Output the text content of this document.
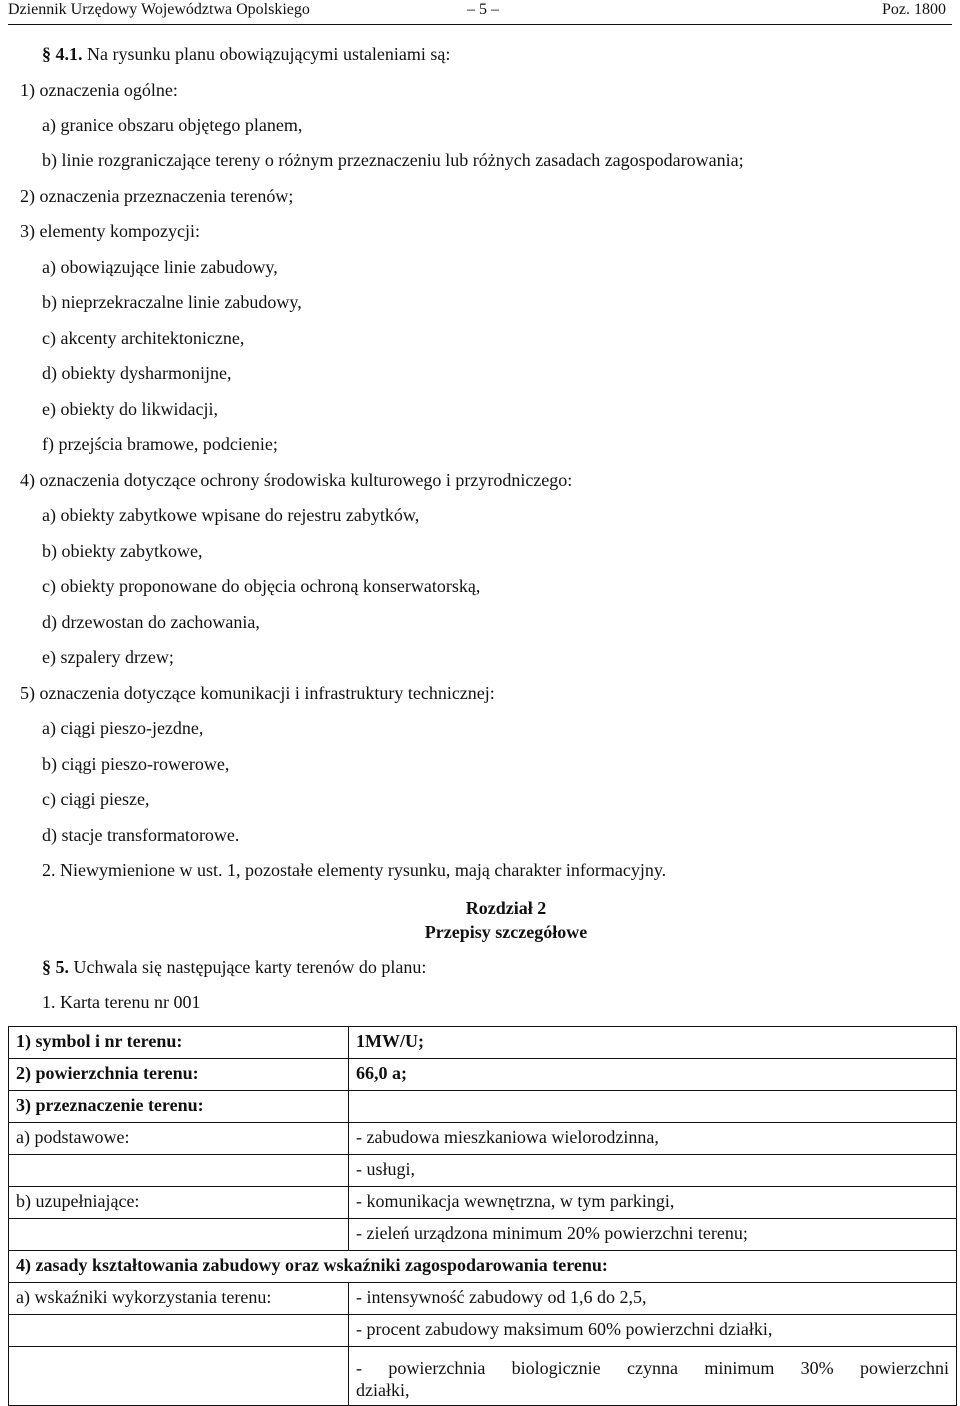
Dziennik Urzędowy Województwa Opolskiego	– 5 –	Poz. 1800
§ 4.1. Na rysunku planu obowiązującymi ustaleniami są:
1) oznaczenia ogólne:
a) granice obszaru objętego planem,
b) linie rozgraniczające tereny o różnym przeznaczeniu lub różnych zasadach zagospodarowania;
2) oznaczenia przeznaczenia terenów;
3) elementy kompozycji:
a) obowiązujące linie zabudowy,
b) nieprzekraczalne linie zabudowy,
c) akcenty architektoniczne,
d) obiekty dysharmonijne,
e) obiekty do likwidacji,
f) przejścia bramowe, podcienie;
4) oznaczenia dotyczące ochrony środowiska kulturowego i przyrodniczego:
a) obiekty zabytkowe wpisane do rejestru zabytków,
b) obiekty zabytkowe,
c) obiekty proponowane do objęcia ochroną konserwatorską,
d) drzewostan do zachowania,
e) szpalery drzew;
5) oznaczenia dotyczące komunikacji i infrastruktury technicznej:
a) ciągi pieszo-jezdne,
b) ciągi pieszo-rowerowe,
c) ciągi piesze,
d) stacje transformatorowe.
2. Niewymienione w ust. 1, pozostałe elementy rysunku, mają charakter informacyjny.
Rozdział 2
Przepisy szczegółowe
§ 5. Uchwala się następujące karty terenów do planu:
1. Karta terenu nr 001
1) symbol i nr terenu:	1MW/U;
2) powierzchnia terenu:	66,0 a;
3) przeznaczenie terenu:	
a) podstawowe:	- zabudowa mieszkaniowa wielorodzinna,
	- usługi,
b) uzupełniające:	- komunikacja wewnętrzna, w tym parkingi,
	- zieleń urządzona minimum 20% powierzchni terenu;
4) zasady kształtowania zabudowy oraz wskaźniki zagospodarowania terenu:	
a) wskaźniki wykorzystania terenu:	- intensywność zabudowy od 1,6 do 2,5,
	- procent zabudowy maksimum 60% powierzchni działki,

	- powierzchnia biologicznie czynna minimum 30% powierzchni
działki,
